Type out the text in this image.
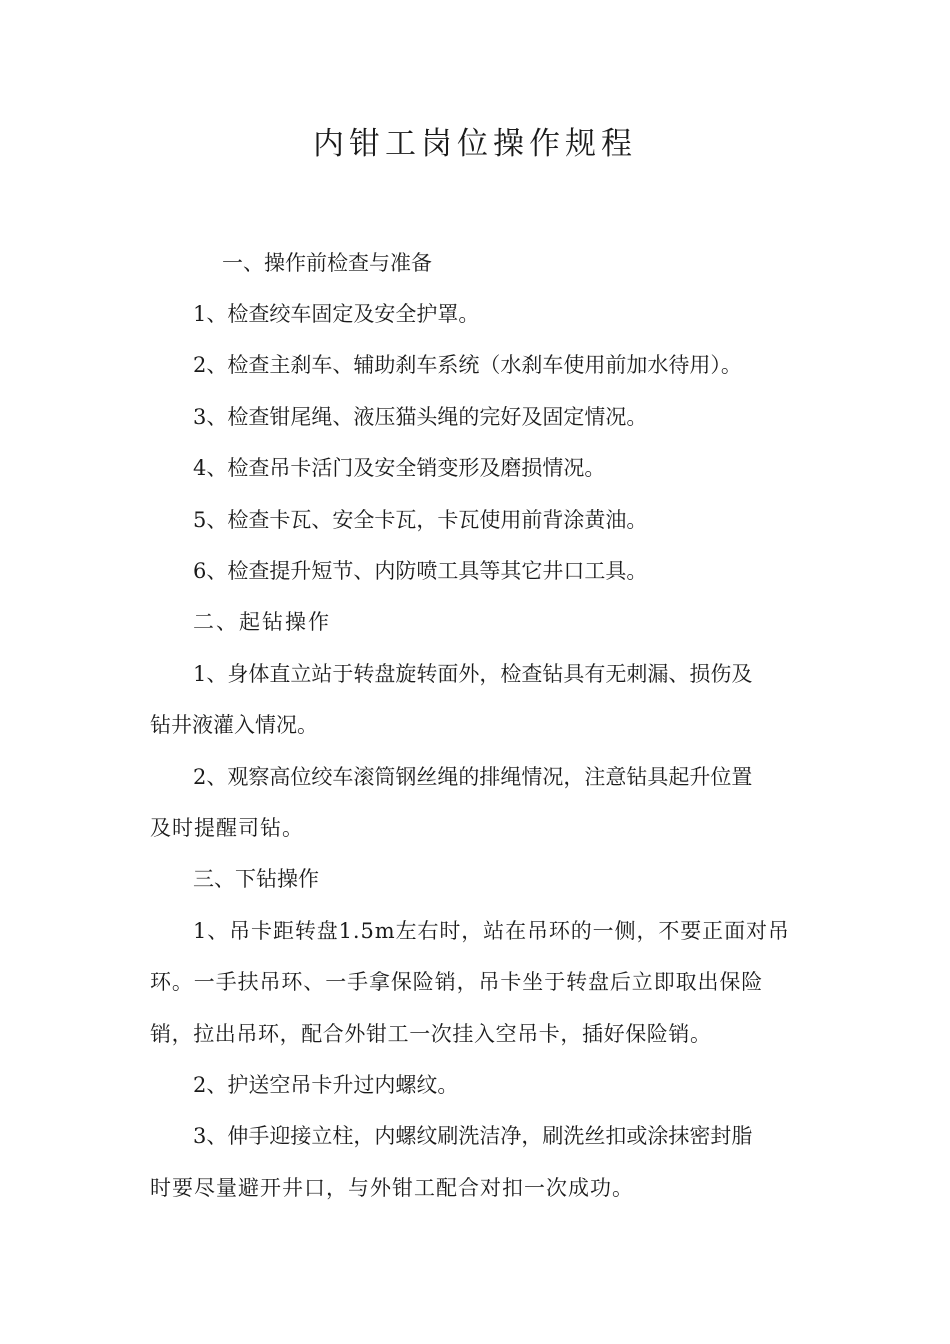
内钳工岗位操作规程
一、操作前检查与准备
1、检查绞车固定及安全护罩。
2、检查主刹车、辅助刹车系统（水刹车使用前加水待用）。
3、检查钳尾绳、液压猫头绳的完好及固定情况。
4、检查吊卡活门及安全销变形及磨损情况。
5、检查卡瓦、安全卡瓦，卡瓦使用前背涂黄油。
6、检查提升短节、内防喷工具等其它井口工具。
二、起钻操作
1、身体直立站于转盘旋转面外，检查钻具有无刺漏、损伤及
钻井液灌入情况。
2、观察高位绞车滚筒钢丝绳的排绳情况，注意钻具起升位置
及时提醒司钻。
三、下钻操作
1、吊卡距转盘1.5m左右时，站在吊环的一侧，不要正面对吊
环。一手扶吊环、一手拿保险销，吊卡坐于转盘后立即取出保险
销，拉出吊环，配合外钳工一次挂入空吊卡，插好保险销。
2、护送空吊卡升过内螺纹。
3、伸手迎接立柱，内螺纹刷洗洁净，刷洗丝扣或涂抹密封脂
时要尽量避开井口，与外钳工配合对扣一次成功。
